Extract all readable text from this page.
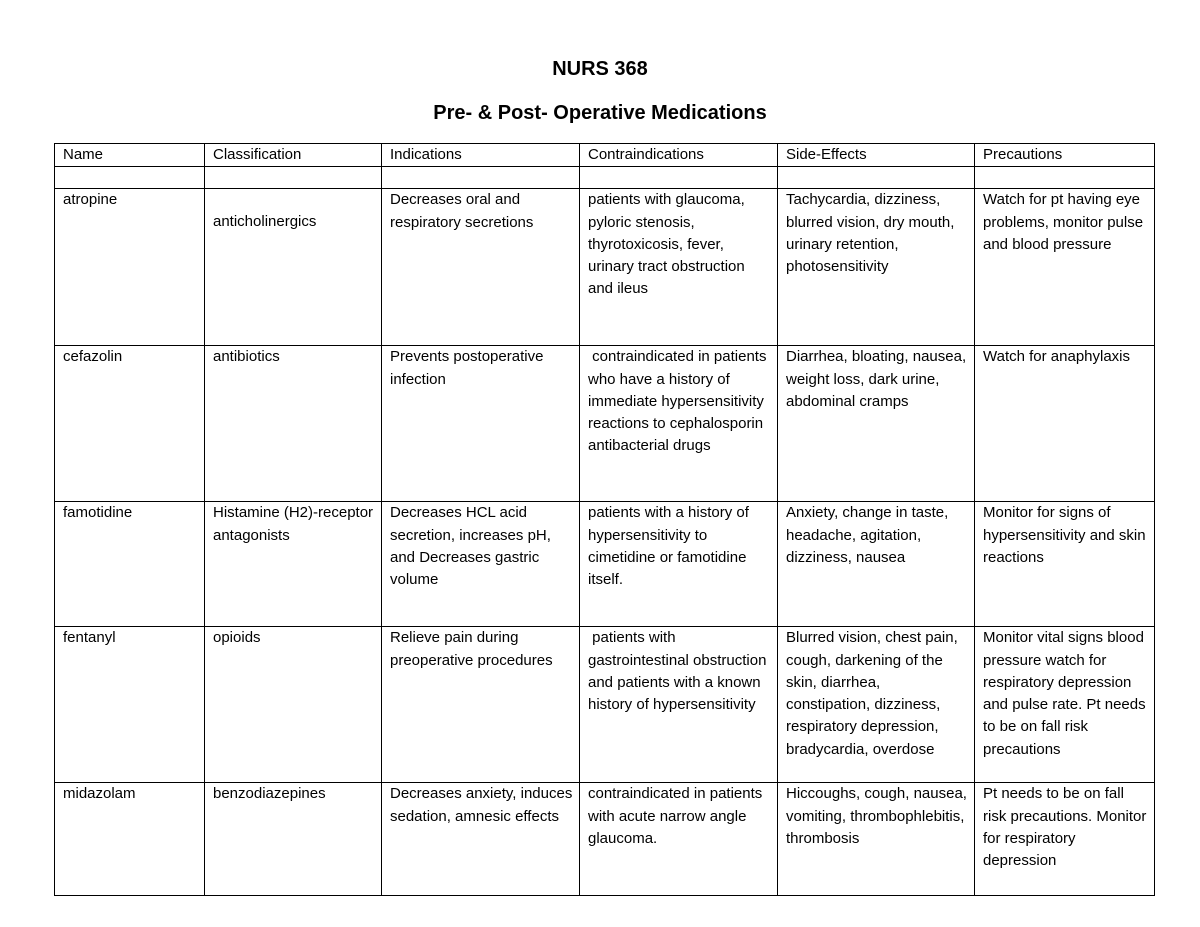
NURS 368
Pre- & Post- Operative Medications
Name	Classification	Indications	Contraindications	Side-Effects	Precautions

atropine	anticholinergics	Decreases oral and respiratory secretions	patients with glaucoma, pyloric stenosis, thyrotoxicosis, fever, urinary tract obstruction and ileus	Tachycardia, dizziness, blurred vision, dry mouth, urinary retention, photosensitivity	Watch for pt having eye problems, monitor pulse and blood pressure
cefazolin	antibiotics	Prevents postoperative infection	contraindicated in patients who have a history of immediate hypersensitivity reactions to cephalosporin antibacterial drugs	Diarrhea, bloating, nausea, weight loss, dark urine, abdominal cramps	Watch for anaphylaxis
famotidine	Histamine (H2)-receptor antagonists	Decreases HCL acid secretion, increases pH, and Decreases gastric volume	patients with a history of hypersensitivity to cimetidine or famotidine itself.	Anxiety, change in taste, headache, agitation, dizziness, nausea	Monitor for signs of hypersensitivity and skin reactions
fentanyl	opioids	Relieve pain during preoperative procedures	patients with gastrointestinal obstruction and patients with a known history of hypersensitivity	Blurred vision, chest pain, cough, darkening of the skin, diarrhea, constipation, dizziness, respiratory depression, bradycardia, overdose	Monitor vital signs blood pressure watch for respiratory depression and pulse rate. Pt needs to be on fall risk precautions
midazolam	benzodiazepines	Decreases anxiety, induces sedation, amnesic effects	contraindicated in patients with acute narrow angle glaucoma.	Hiccoughs, cough, nausea, vomiting, thrombophlebitis, thrombosis	Pt needs to be on fall risk precautions. Monitor for respiratory depression
